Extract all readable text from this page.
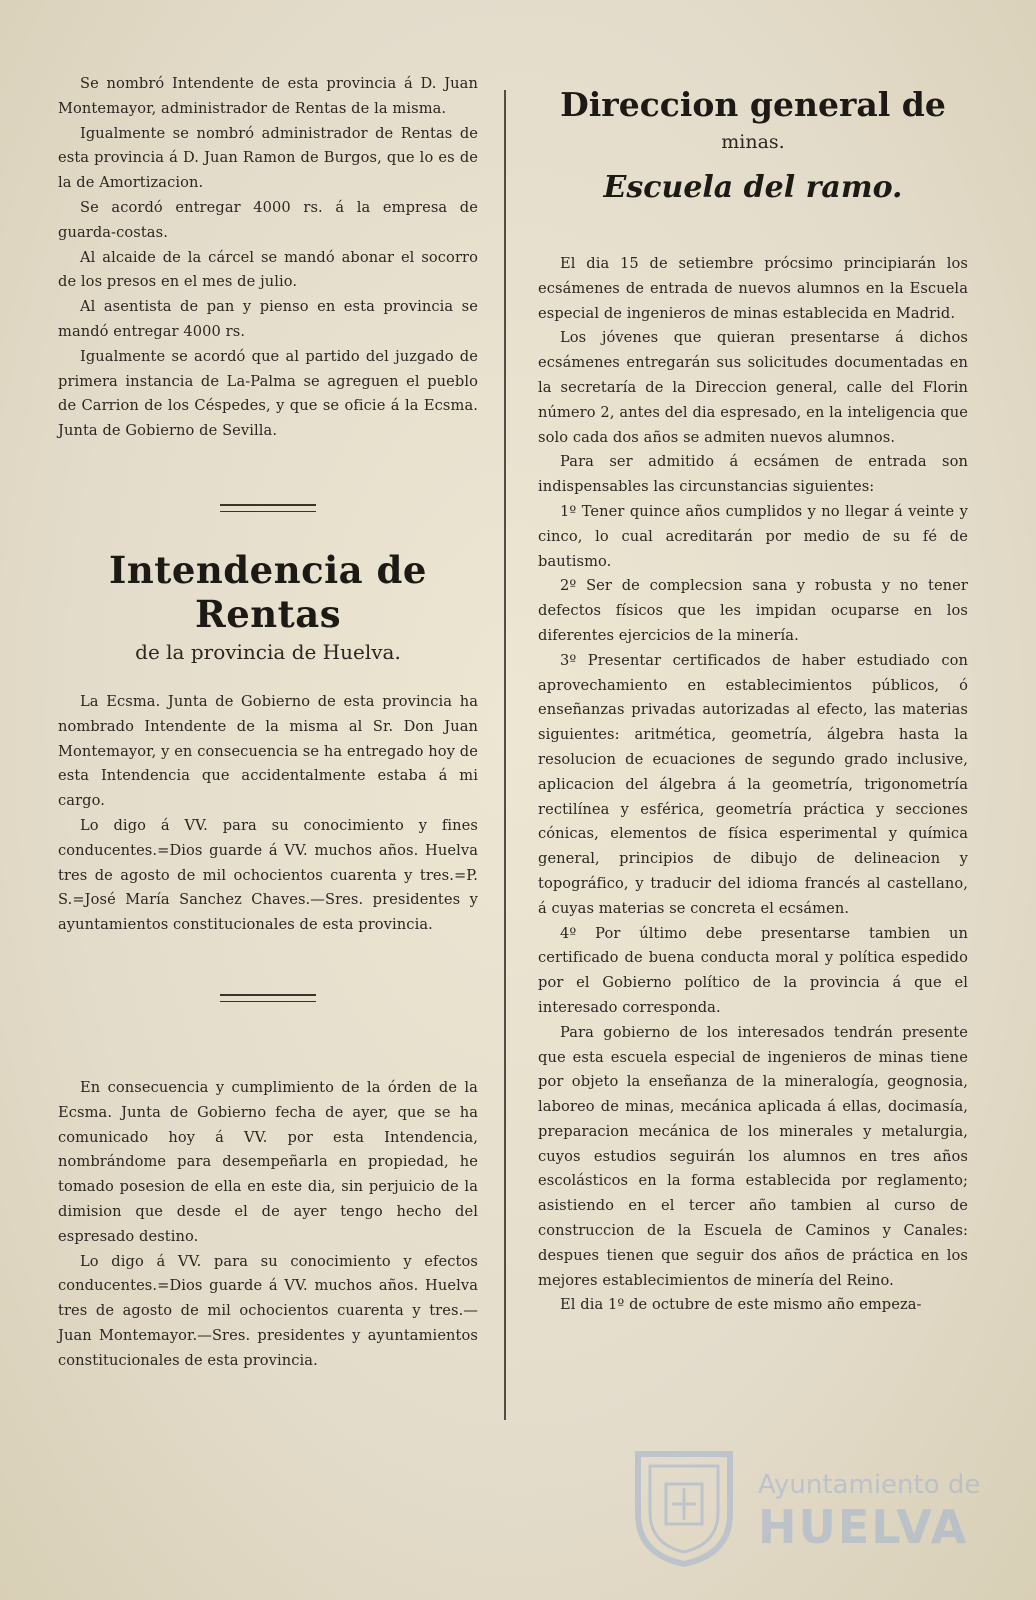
Se nombró Intendente de esta provincia á D. Juan Montemayor, administrador de Rentas de la misma.

Igualmente se nombró administrador de Rentas de esta provincia á D. Juan Ramon de Burgos, que lo es de la de Amortizacion.

Se acordó entregar 4000 rs. á la empresa de guarda-costas.

Al alcaide de la cárcel se mandó abonar el socorro de los presos en el mes de julio.

Al asentista de pan y pienso en esta provincia se mandó entregar 4000 rs.

Igualmente se acordó que al partido del juzgado de primera instancia de La-Palma se agreguen el pueblo de Carrion de los Céspedes, y que se oficie á la Ecsma. Junta de Gobierno de Sevilla.

Intendencia de Rentas
de la provincia de Huelva.

La Ecsma. Junta de Gobierno de esta provincia ha nombrado Intendente de la misma al Sr. Don Juan Montemayor, y en consecuencia se ha entregado hoy de esta Intendencia que accidentalmente estaba á mi cargo.

Lo digo á VV. para su conocimiento y fines conducentes.=Dios guarde á VV. muchos años. Huelva tres de agosto de mil ochocientos cuarenta y tres.=P. S.=José María Sanchez Chaves.—Sres. presidentes y ayuntamientos constitucionales de esta provincia.

En consecuencia y cumplimiento de la órden de la Ecsma. Junta de Gobierno fecha de ayer, que se ha comunicado hoy á VV. por esta Intendencia, nombrándome para desempeñarla en propiedad, he tomado posesion de ella en este dia, sin perjuicio de la dimision que desde el de ayer tengo hecho del espresado destino.

Lo digo á VV. para su conocimiento y efectos conducentes.=Dios guarde á VV. muchos años. Huelva tres de agosto de mil ochocientos cuarenta y tres.—Juan Montemayor.—Sres. presidentes y ayuntamientos constitucionales de esta provincia.

Direccion general de
minas.
Escuela del ramo.

El dia 15 de setiembre prócsimo principiarán los ecsámenes de entrada de nuevos alumnos en la Escuela especial de ingenieros de minas establecida en Madrid.

Los jóvenes que quieran presentarse á dichos ecsámenes entregarán sus solicitudes documentadas en la secretaría de la Direccion general, calle del Florin número 2, antes del dia espresado, en la inteligencia que solo cada dos años se admiten nuevos alumnos.

Para ser admitido á ecsámen de entrada son indispensables las circunstancias siguientes:

1º Tener quince años cumplidos y no llegar á veinte y cinco, lo cual acreditarán por medio de su fé de bautismo.

2º Ser de complecsion sana y robusta y no tener defectos físicos que les impidan ocuparse en los diferentes ejercicios de la minería.

3º Presentar certificados de haber estudiado con aprovechamiento en establecimientos públicos, ó enseñanzas privadas autorizadas al efecto, las materias siguientes: aritmética, geometría, álgebra hasta la resolucion de ecuaciones de segundo grado inclusive, aplicacion del álgebra á la geometría, trigonometría rectilínea y esférica, geometría práctica y secciones cónicas, elementos de física esperimental y química general, principios de dibujo de delineacion y topográfico, y traducir del idioma francés al castellano, á cuyas materias se concreta el ecsámen.

4º Por último debe presentarse tambien un certificado de buena conducta moral y política espedido por el Gobierno político de la provincia á que el interesado corresponda.

Para gobierno de los interesados tendrán presente que esta escuela especial de ingenieros de minas tiene por objeto la enseñanza de la mineralogía, geognosia, laboreo de minas, mecánica aplicada á ellas, docimasía, preparacion mecánica de los minerales y metalurgia, cuyos estudios seguirán los alumnos en tres años escolásticos en la forma establecida por reglamento; asistiendo en el tercer año tambien al curso de construccion de la Escuela de Caminos y Canales: despues tienen que seguir dos años de práctica en los mejores establecimientos de minería del Reino.

El dia 1º de octubre de este mismo año empeza-

Ayuntamiento de
HUELVA
